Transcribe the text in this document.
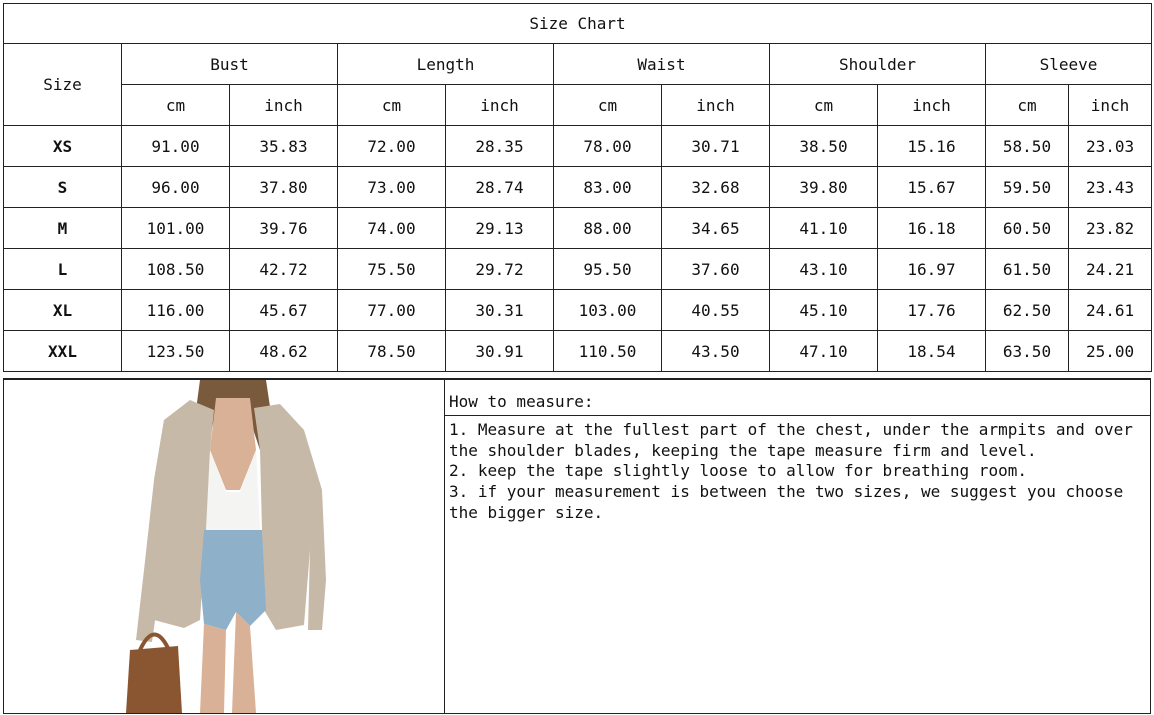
Size Chart										
Size	Bust		Length		Waist		Shoulder		Sleeve	
	cm	inch	cm	inch	cm	inch	cm	inch	cm	inch
XS	91.00	35.83	72.00	28.35	78.00	30.71	38.50	15.16	58.50	23.03
S	96.00	37.80	73.00	28.74	83.00	32.68	39.80	15.67	59.50	23.43
M	101.00	39.76	74.00	29.13	88.00	34.65	41.10	16.18	60.50	23.82
L	108.50	42.72	75.50	29.72	95.50	37.60	43.10	16.97	61.50	24.21
XL	116.00	45.67	77.00	30.31	103.00	40.55	45.10	17.76	62.50	24.61
XXL	123.50	48.62	78.50	30.91	110.50	43.50	47.10	18.54	63.50	25.00
How to measure:

1. Measure at the fullest part of the chest, under the armpits and over the shoulder blades, keeping the tape measure firm and level.

2. keep the tape slightly loose to allow for breathing room.

3. if your measurement is between the two sizes, we suggest you choose the bigger size.
